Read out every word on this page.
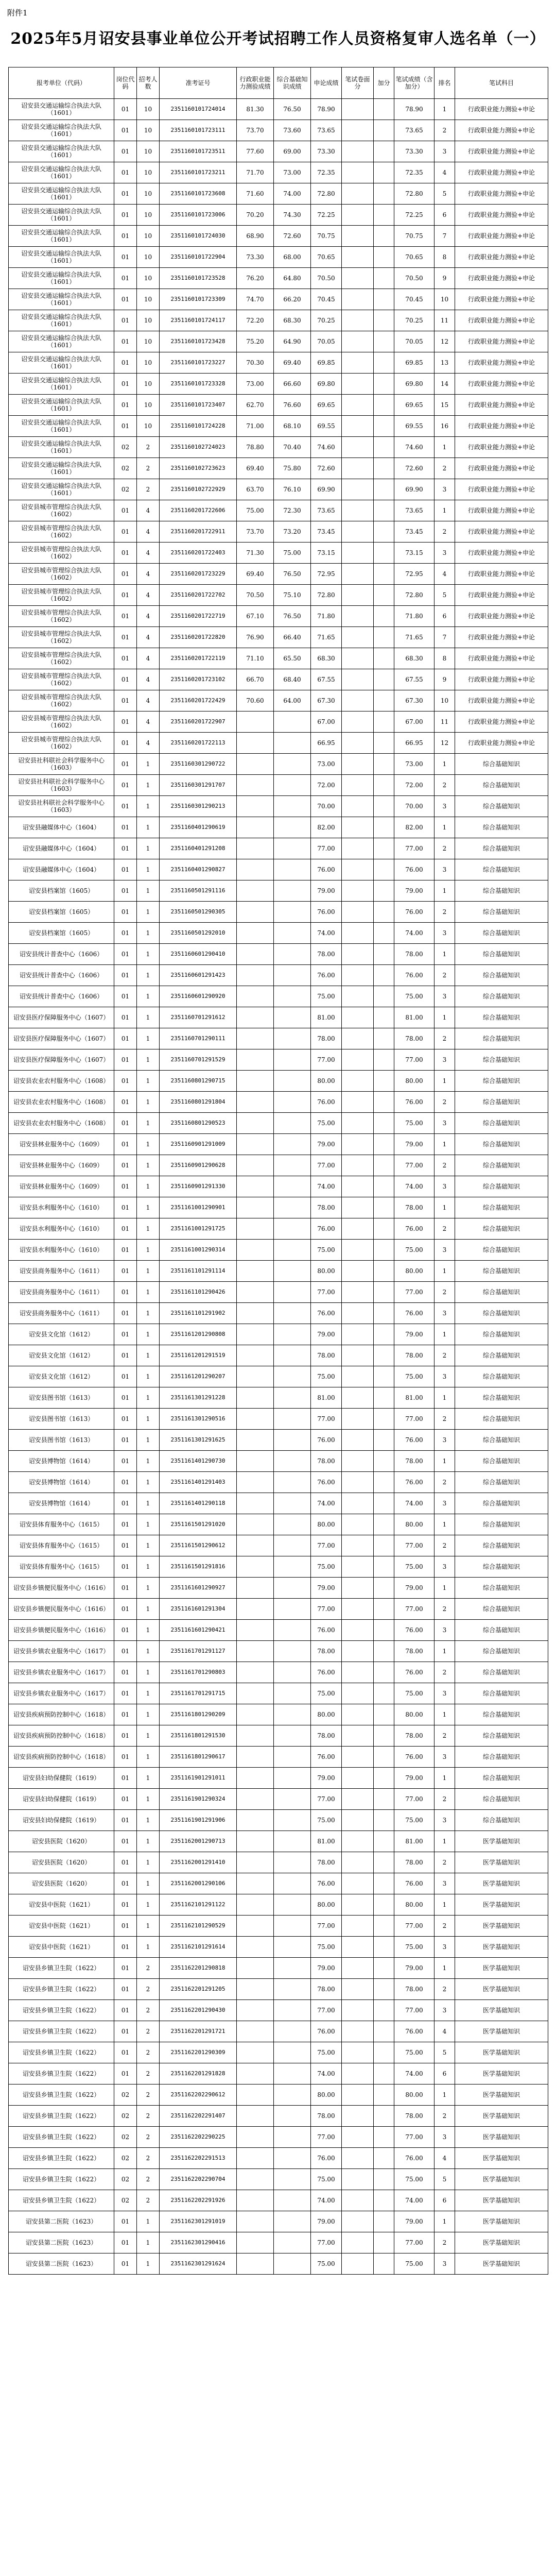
附件1
2025年5月诏安县事业单位公开考试招聘工作人员资格复审人选名单（一）
报考单位（代码）	岗位代码	招考人数	准考证号	行政职业能力测验成绩	综合基础知识成绩	申论成绩	笔试卷面分	加分	笔试成绩（含加分）	排名	笔试科目
诏安县交通运输综合执法大队（1601）	01	10	2351160101724014	81.30	76.50	78.90			78.90	1	行政职业能力测验+申论
诏安县交通运输综合执法大队（1601）	01	10	2351160101723111	73.70	73.60	73.65			73.65	2	行政职业能力测验+申论
诏安县交通运输综合执法大队（1601）	01	10	2351160101723511	77.60	69.00	73.30			73.30	3	行政职业能力测验+申论
诏安县交通运输综合执法大队（1601）	01	10	2351160101723211	71.70	73.00	72.35			72.35	4	行政职业能力测验+申论
诏安县交通运输综合执法大队（1601）	01	10	2351160101723608	71.60	74.00	72.80			72.80	5	行政职业能力测验+申论
诏安县交通运输综合执法大队（1601）	01	10	2351160101723006	70.20	74.30	72.25			72.25	6	行政职业能力测验+申论
诏安县交通运输综合执法大队（1601）	01	10	2351160101724030	68.90	72.60	70.75			70.75	7	行政职业能力测验+申论
诏安县交通运输综合执法大队（1601）	01	10	2351160101722904	73.30	68.00	70.65			70.65	8	行政职业能力测验+申论
诏安县交通运输综合执法大队（1601）	01	10	2351160101723528	76.20	64.80	70.50			70.50	9	行政职业能力测验+申论
诏安县交通运输综合执法大队（1601）	01	10	2351160101723309	74.70	66.20	70.45			70.45	10	行政职业能力测验+申论
诏安县交通运输综合执法大队（1601）	01	10	2351160101724117	72.20	68.30	70.25			70.25	11	行政职业能力测验+申论
诏安县交通运输综合执法大队（1601）	01	10	2351160101723428	75.20	64.90	70.05			70.05	12	行政职业能力测验+申论
诏安县交通运输综合执法大队（1601）	01	10	2351160101723227	70.30	69.40	69.85			69.85	13	行政职业能力测验+申论
诏安县交通运输综合执法大队（1601）	01	10	2351160101723328	73.00	66.60	69.80			69.80	14	行政职业能力测验+申论
诏安县交通运输综合执法大队（1601）	01	10	2351160101723407	62.70	76.60	69.65			69.65	15	行政职业能力测验+申论
诏安县交通运输综合执法大队（1601）	01	10	2351160101724228	71.00	68.10	69.55			69.55	16	行政职业能力测验+申论
诏安县交通运输综合执法大队（1601）	02	2	2351160102724023	78.80	70.40	74.60			74.60	1	行政职业能力测验+申论
诏安县交通运输综合执法大队（1601）	02	2	2351160102723623	69.40	75.80	72.60			72.60	2	行政职业能力测验+申论
诏安县交通运输综合执法大队（1601）	02	2	2351160102722929	63.70	76.10	69.90			69.90	3	行政职业能力测验+申论
诏安县城市管理综合执法大队（1602）	01	4	2351160201722606	75.00	72.30	73.65			73.65	1	行政职业能力测验+申论
诏安县城市管理综合执法大队（1602）	01	4	2351160201722911	73.70	73.20	73.45			73.45	2	行政职业能力测验+申论
诏安县城市管理综合执法大队（1602）	01	4	2351160201722403	71.30	75.00	73.15			73.15	3	行政职业能力测验+申论
诏安县城市管理综合执法大队（1602）	01	4	2351160201723229	69.40	76.50	72.95			72.95	4	行政职业能力测验+申论
诏安县城市管理综合执法大队（1602）	01	4	2351160201722702	70.50	75.10	72.80			72.80	5	行政职业能力测验+申论
诏安县城市管理综合执法大队（1602）	01	4	2351160201722719	67.10	76.50	71.80			71.80	6	行政职业能力测验+申论
诏安县城市管理综合执法大队（1602）	01	4	2351160201722820	76.90	66.40	71.65			71.65	7	行政职业能力测验+申论
诏安县城市管理综合执法大队（1602）	01	4	2351160201722119	71.10	65.50	68.30			68.30	8	行政职业能力测验+申论
诏安县城市管理综合执法大队（1602）	01	4	2351160201723102	66.70	68.40	67.55			67.55	9	行政职业能力测验+申论
诏安县城市管理综合执法大队（1602）	01	4	2351160201722429	70.60	64.00	67.30			67.30	10	行政职业能力测验+申论
诏安县城市管理综合执法大队（1602）	01	4	2351160201722907			67.00			67.00	11	行政职业能力测验+申论
诏安县城市管理综合执法大队（1602）	01	4	2351160201722113			66.95			66.95	12	行政职业能力测验+申论
诏安县社科联社会科学服务中心（1603）	01	1	2351160301290722			73.00			73.00	1	综合基础知识
诏安县社科联社会科学服务中心（1603）	01	1	2351160301291707			72.00			72.00	2	综合基础知识
诏安县社科联社会科学服务中心（1603）	01	1	2351160301290213			70.00			70.00	3	综合基础知识
诏安县融媒体中心（1604）	01	1	2351160401290619			82.00			82.00	1	综合基础知识
诏安县融媒体中心（1604）	01	1	2351160401291208			77.00			77.00	2	综合基础知识
诏安县融媒体中心（1604）	01	1	2351160401290827			76.00			76.00	3	综合基础知识
诏安县档案馆（1605）	01	1	2351160501291116			79.00			79.00	1	综合基础知识
诏安县档案馆（1605）	01	1	2351160501290305			76.00			76.00	2	综合基础知识
诏安县档案馆（1605）	01	1	2351160501292010			74.00			74.00	3	综合基础知识
诏安县统计普查中心（1606）	01	1	2351160601290410			78.00			78.00	1	综合基础知识
诏安县统计普查中心（1606）	01	1	2351160601291423			76.00			76.00	2	综合基础知识
诏安县统计普查中心（1606）	01	1	2351160601290920			75.00			75.00	3	综合基础知识
诏安县医疗保障服务中心（1607）	01	1	2351160701291612			81.00			81.00	1	综合基础知识
诏安县医疗保障服务中心（1607）	01	1	2351160701290111			78.00			78.00	2	综合基础知识
诏安县医疗保障服务中心（1607）	01	1	2351160701291529			77.00			77.00	3	综合基础知识
诏安县农业农村服务中心（1608）	01	1	2351160801290715			80.00			80.00	1	综合基础知识
诏安县农业农村服务中心（1608）	01	1	2351160801291804			76.00			76.00	2	综合基础知识
诏安县农业农村服务中心（1608）	01	1	2351160801290523			75.00			75.00	3	综合基础知识
诏安县林业服务中心（1609）	01	1	2351160901291009			79.00			79.00	1	综合基础知识
诏安县林业服务中心（1609）	01	1	2351160901290628			77.00			77.00	2	综合基础知识
诏安县林业服务中心（1609）	01	1	2351160901291330			74.00			74.00	3	综合基础知识
诏安县水利服务中心（1610）	01	1	2351161001290901			78.00			78.00	1	综合基础知识
诏安县水利服务中心（1610）	01	1	2351161001291725			76.00			76.00	2	综合基础知识
诏安县水利服务中心（1610）	01	1	2351161001290314			75.00			75.00	3	综合基础知识
诏安县商务服务中心（1611）	01	1	2351161101291114			80.00			80.00	1	综合基础知识
诏安县商务服务中心（1611）	01	1	2351161101290426			77.00			77.00	2	综合基础知识
诏安县商务服务中心（1611）	01	1	2351161101291902			76.00			76.00	3	综合基础知识
诏安县文化馆（1612）	01	1	2351161201290808			79.00			79.00	1	综合基础知识
诏安县文化馆（1612）	01	1	2351161201291519			78.00			78.00	2	综合基础知识
诏安县文化馆（1612）	01	1	2351161201290207			75.00			75.00	3	综合基础知识
诏安县图书馆（1613）	01	1	2351161301291228			81.00			81.00	1	综合基础知识
诏安县图书馆（1613）	01	1	2351161301290516			77.00			77.00	2	综合基础知识
诏安县图书馆（1613）	01	1	2351161301291625			76.00			76.00	3	综合基础知识
诏安县博物馆（1614）	01	1	2351161401290730			78.00			78.00	1	综合基础知识
诏安县博物馆（1614）	01	1	2351161401291403			76.00			76.00	2	综合基础知识
诏安县博物馆（1614）	01	1	2351161401290118			74.00			74.00	3	综合基础知识
诏安县体育服务中心（1615）	01	1	2351161501291020			80.00			80.00	1	综合基础知识
诏安县体育服务中心（1615）	01	1	2351161501290612			77.00			77.00	2	综合基础知识
诏安县体育服务中心（1615）	01	1	2351161501291816			75.00			75.00	3	综合基础知识
诏安县乡镇便民服务中心（1616）	01	1	2351161601290927			79.00			79.00	1	综合基础知识
诏安县乡镇便民服务中心（1616）	01	1	2351161601291304			77.00			77.00	2	综合基础知识
诏安县乡镇便民服务中心（1616）	01	1	2351161601290421			76.00			76.00	3	综合基础知识
诏安县乡镇农业服务中心（1617）	01	1	2351161701291127			78.00			78.00	1	综合基础知识
诏安县乡镇农业服务中心（1617）	01	1	2351161701290803			76.00			76.00	2	综合基础知识
诏安县乡镇农业服务中心（1617）	01	1	2351161701291715			75.00			75.00	3	综合基础知识
诏安县疾病预防控制中心（1618）	01	1	2351161801290209			80.00			80.00	1	综合基础知识
诏安县疾病预防控制中心（1618）	01	1	2351161801291530			78.00			78.00	2	综合基础知识
诏安县疾病预防控制中心（1618）	01	1	2351161801290617			76.00			76.00	3	综合基础知识
诏安县妇幼保健院（1619）	01	1	2351161901291011			79.00			79.00	1	综合基础知识
诏安县妇幼保健院（1619）	01	1	2351161901290324			77.00			77.00	2	综合基础知识
诏安县妇幼保健院（1619）	01	1	2351161901291906			75.00			75.00	3	综合基础知识
诏安县医院（1620）	01	1	2351162001290713			81.00			81.00	1	医学基础知识
诏安县医院（1620）	01	1	2351162001291410			78.00			78.00	2	医学基础知识
诏安县医院（1620）	01	1	2351162001290106			76.00			76.00	3	医学基础知识
诏安县中医院（1621）	01	1	2351162101291122			80.00			80.00	1	医学基础知识
诏安县中医院（1621）	01	1	2351162101290529			77.00			77.00	2	医学基础知识
诏安县中医院（1621）	01	1	2351162101291614			75.00			75.00	3	医学基础知识
诏安县乡镇卫生院（1622）	01	2	2351162201290818			79.00			79.00	1	医学基础知识
诏安县乡镇卫生院（1622）	01	2	2351162201291205			78.00			78.00	2	医学基础知识
诏安县乡镇卫生院（1622）	01	2	2351162201290430			77.00			77.00	3	医学基础知识
诏安县乡镇卫生院（1622）	01	2	2351162201291721			76.00			76.00	4	医学基础知识
诏安县乡镇卫生院（1622）	01	2	2351162201290309			75.00			75.00	5	医学基础知识
诏安县乡镇卫生院（1622）	01	2	2351162201291828			74.00			74.00	6	医学基础知识
诏安县乡镇卫生院（1622）	02	2	2351162202290612			80.00			80.00	1	医学基础知识
诏安县乡镇卫生院（1622）	02	2	2351162202291407			78.00			78.00	2	医学基础知识
诏安县乡镇卫生院（1622）	02	2	2351162202290225			77.00			77.00	3	医学基础知识
诏安县乡镇卫生院（1622）	02	2	2351162202291513			76.00			76.00	4	医学基础知识
诏安县乡镇卫生院（1622）	02	2	2351162202290704			75.00			75.00	5	医学基础知识
诏安县乡镇卫生院（1622）	02	2	2351162202291926			74.00			74.00	6	医学基础知识
诏安县第二医院（1623）	01	1	2351162301291019			79.00			79.00	1	医学基础知识
诏安县第二医院（1623）	01	1	2351162301290416			77.00			77.00	2	医学基础知识
诏安县第二医院（1623）	01	1	2351162301291624			75.00			75.00	3	医学基础知识
